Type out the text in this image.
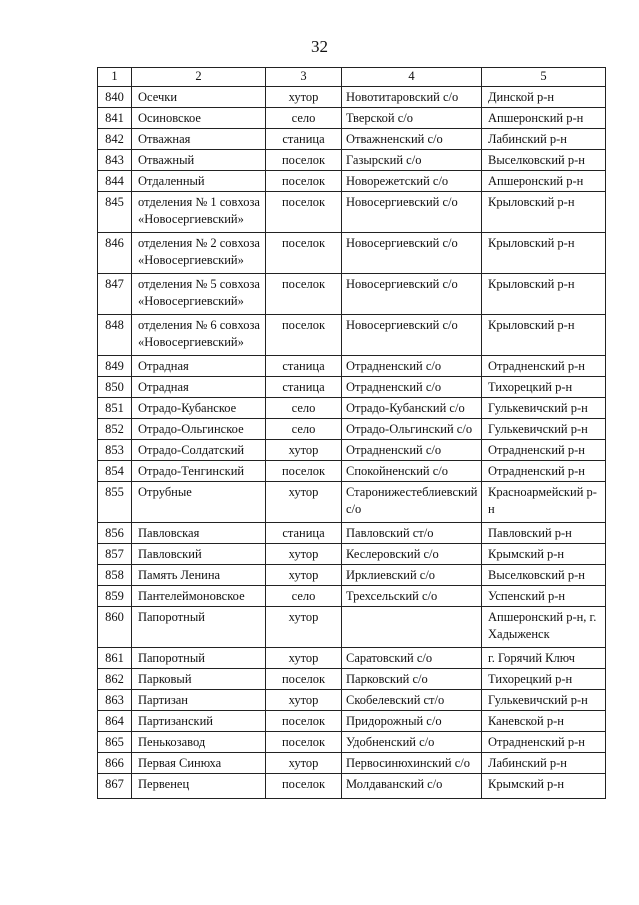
32
1	2	3	4	5
840	Осечки	хутор	Новотитаровский с/о	Динской р-н
841	Осиновское	село	Тверской с/о	Апшеронский р-н
842	Отважная	станица	Отважненский с/о	Лабинский р-н
843	Отважный	поселок	Газырский с/о	Выселковский р-н
844	Отдаленный	поселок	Новорежетский с/о	Апшеронский р-н
845	отделения № 1 совхоза «Новосергиевский»	поселок	Новосергиевский с/о	Крыловский р-н
846	отделения № 2 совхоза «Новосергиевский»	поселок	Новосергиевский с/о	Крыловский р-н
847	отделения № 5 совхоза «Новосергиевский»	поселок	Новосергиевский с/о	Крыловский р-н
848	отделения № 6 совхоза «Новосергиевский»	поселок	Новосергиевский с/о	Крыловский р-н
849	Отрадная	станица	Отрадненский с/о	Отрадненский р-н
850	Отрадная	станица	Отрадненский с/о	Тихорецкий р-н
851	Отрадо-Кубанское	село	Отрадо-Кубанский с/о	Гулькевичский р-н
852	Отрадо-Ольгинское	село	Отрадо-Ольгинский с/о	Гулькевичский р-н
853	Отрадо-Солдатский	хутор	Отрадненский с/о	Отрадненский р-н
854	Отрадо-Тенгинский	поселок	Спокойненский с/о	Отрадненский р-н
855	Отрубные	хутор	Старонижестеблиевский с/о	Красноармейский р-н
856	Павловская	станица	Павловский ст/о	Павловский р-н
857	Павловский	хутор	Кеслеровский с/о	Крымский р-н
858	Память Ленина	хутор	Ирклиевский с/о	Выселковский р-н
859	Пантелеймоновское	село	Трехсельский с/о	Успенский р-н
860	Папоротный	хутор		Апшеронский р-н, г. Хадыженск
861	Папоротный	хутор	Саратовский с/о	г. Горячий Ключ
862	Парковый	поселок	Парковский с/о	Тихорецкий р-н
863	Партизан	хутор	Скобелевский ст/о	Гулькевичский р-н
864	Партизанский	поселок	Придорожный с/о	Каневской р-н
865	Пенькозавод	поселок	Удобненский с/о	Отрадненский р-н
866	Первая Синюха	хутор	Первосинюхинский с/о	Лабинский р-н
867	Первенец	поселок	Молдаванский с/о	Крымский р-н
